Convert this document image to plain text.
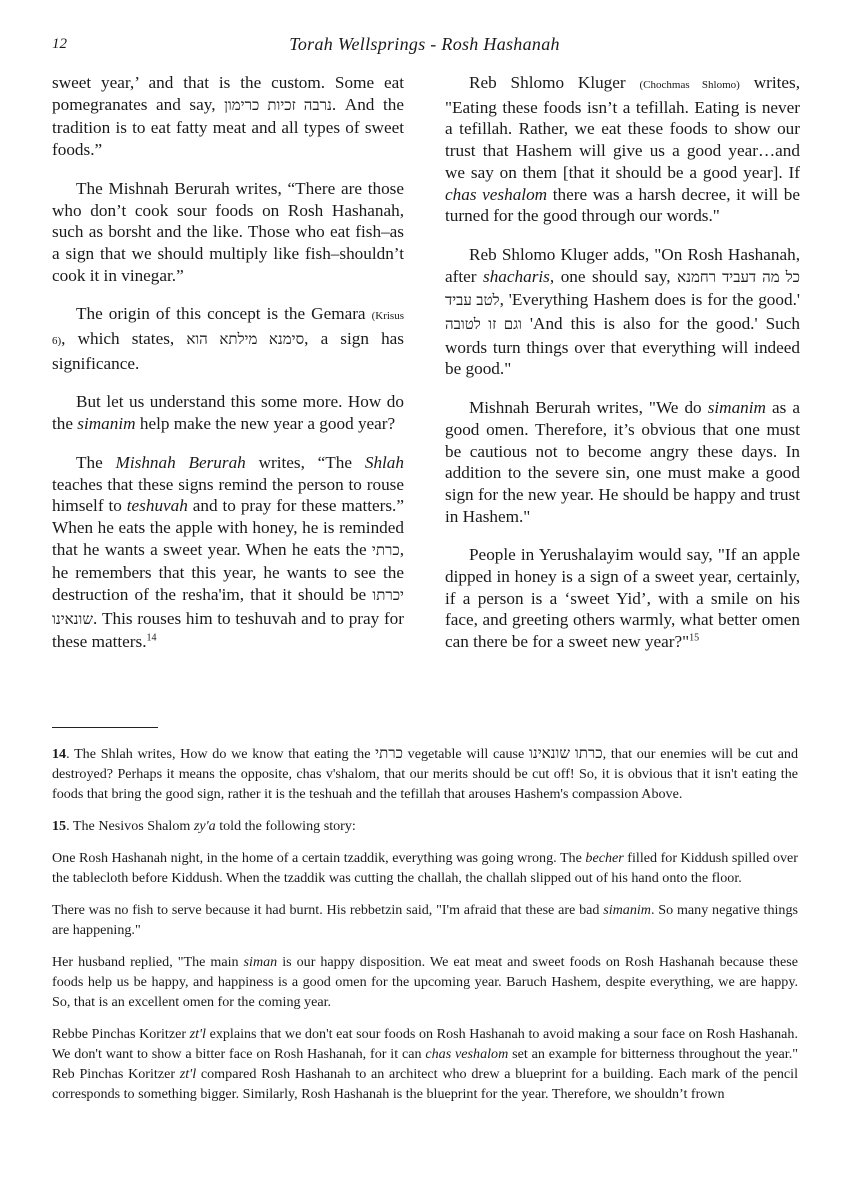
12	Torah Wellsprings - Rosh Hashanah

sweet year,’ and that is the custom. Some eat pomegranates and say, נרבה זכיות כרימון. And the tradition is to eat fatty meat and all types of sweet foods.”

The Mishnah Berurah writes, “There are those who don’t cook sour foods on Rosh Hashanah, such as borsht and the like. Those who eat fish–as a sign that we should multiply like fish–shouldn’t cook it in vinegar.”

The origin of this concept is the Gemara (Krisus 6), which states, סימנא מילתא הוא, a sign has significance.

But let us understand this some more. How do the simanim help make the new year a good year?

The Mishnah Berurah writes, “The Shlah teaches that these signs remind the person to rouse himself to teshuvah and to pray for these matters.” When he eats the apple with honey, he is reminded that he wants a sweet year. When he eats the כרתי, he remembers that this year, he wants to see the destruction of the resha'im, that it should be יכרתו שונאינו. This rouses him to teshuvah and to pray for these matters.$^{14}$

Reb Shlomo Kluger (Chochmas Shlomo) writes, "Eating these foods isn’t a tefillah. Eating is never a tefillah. Rather, we eat these foods to show our trust that Hashem will give us a good year…and we say on them [that it should be a good year]. If chas veshalom there was a harsh decree, it will be turned for the good through our words."

Reb Shlomo Kluger adds, "On Rosh Hashanah, after shacharis, one should say, כל מה דעביד רחמנא לטב עביד, 'Everything Hashem does is for the good.' וגם זו לטובה 'And this is also for the good.' Such words turn things over that everything will indeed be good."

Mishnah Berurah writes, "We do simanim as a good omen. Therefore, it’s obvious that one must be cautious not to become angry these days. In addition to the severe sin, one must make a good sign for the new year. He should be happy and trust in Hashem."

People in Yerushalayim would say, "If an apple dipped in honey is a sign of a sweet year, certainly, if a person is a ‘sweet Yid’, with a smile on his face, and greeting others warmly, what better omen can there be for a sweet new year?"$^{15}$

14. The Shlah writes, How do we know that eating the כרתי vegetable will cause כרתו שונאינו, that our enemies will be cut and destroyed? Perhaps it means the opposite, chas v'shalom, that our merits should be cut off! So, it is obvious that it isn't eating the foods that bring the good sign, rather it is the teshuah and the tefillah that arouses Hashem's compassion Above.

15. The Nesivos Shalom zy'a told the following story:

One Rosh Hashanah night, in the home of a certain tzaddik, everything was going wrong. The becher filled for Kiddush spilled over the tablecloth before Kiddush. When the tzaddik was cutting the challah, the challah slipped out of his hand onto the floor.

There was no fish to serve because it had burnt. His rebbetzin said, "I'm afraid that these are bad simanim. So many negative things are happening."

Her husband replied, "The main siman is our happy disposition. We eat meat and sweet foods on Rosh Hashanah because these foods help us be happy, and happiness is a good omen for the upcoming year. Baruch Hashem, despite everything, we are happy. So, that is an excellent omen for the coming year.

Rebbe Pinchas Koritzer zt'l explains that we don't eat sour foods on Rosh Hashanah to avoid making a sour face on Rosh Hashanah. We don't want to show a bitter face on Rosh Hashanah, for it can chas veshalom set an example for bitterness throughout the year." Reb Pinchas Koritzer zt'l compared Rosh Hashanah to an architect who drew a blueprint for a building. Each mark of the pencil corresponds to something bigger. Similarly, Rosh Hashanah is the blueprint for the year. Therefore, we shouldn’t frown
